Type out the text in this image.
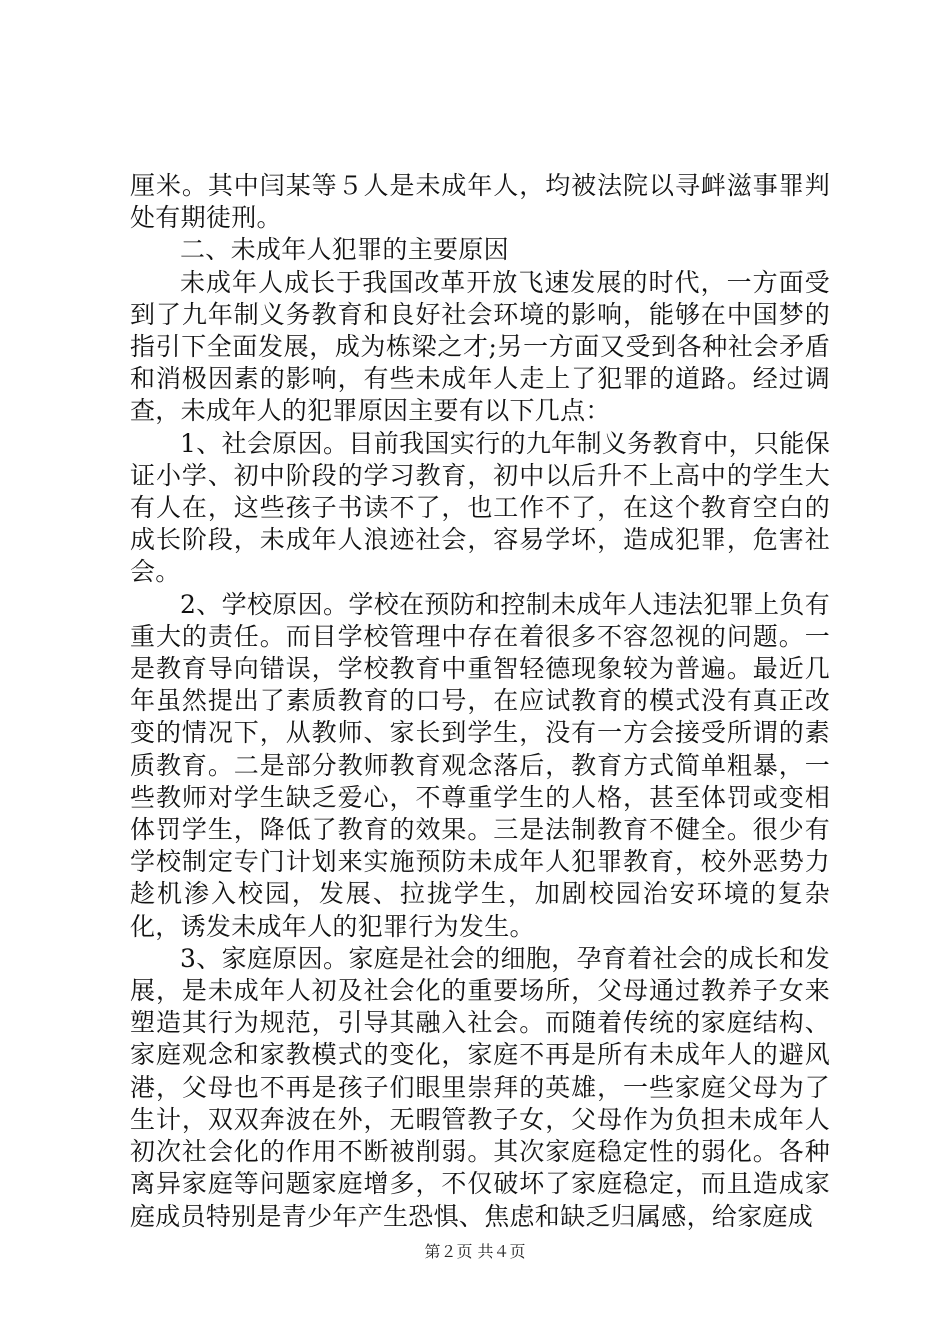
厘米。其中闫某等５人是未成年人，均被法院以寻衅滋事罪判处有期徒刑。

二、未成年人犯罪的主要原因

未成年人成长于我国改革开放飞速发展的时代，一方面受到了九年制义务教育和良好社会环境的影响，能够在中国梦的指引下全面发展，成为栋梁之才;另一方面又受到各种社会矛盾和消极因素的影响，有些未成年人走上了犯罪的道路。经过调查，未成年人的犯罪原因主要有以下几点：

1、社会原因。目前我国实行的九年制义务教育中，只能保证小学、初中阶段的学习教育，初中以后升不上高中的学生大有人在，这些孩子书读不了，也工作不了，在这个教育空白的成长阶段，未成年人浪迹社会，容易学坏，造成犯罪，危害社会。

2、学校原因。学校在预防和控制未成年人违法犯罪上负有重大的责任。而目学校管理中存在着很多不容忽视的问题。一是教育导向错误，学校教育中重智轻德现象较为普遍。最近几年虽然提出了素质教育的口号，在应试教育的模式没有真正改变的情况下，从教师、家长到学生，没有一方会接受所谓的素质教育。二是部分教师教育观念落后，教育方式简单粗暴，一些教师对学生缺乏爱心，不尊重学生的人格，甚至体罚或变相体罚学生，降低了教育的效果。三是法制教育不健全。很少有学校制定专门计划来实施预防未成年人犯罪教育，校外恶势力趁机渗入校园，发展、拉拢学生，加剧校园治安环境的复杂化，诱发未成年人的犯罪行为发生。

3、家庭原因。家庭是社会的细胞，孕育着社会的成长和发展，是未成年人初及社会化的重要场所，父母通过教养子女来塑造其行为规范，引导其融入社会。而随着传统的家庭结构、家庭观念和家教模式的变化，家庭不再是所有未成年人的避风港，父母也不再是孩子们眼里崇拜的英雄，一些家庭父母为了生计，双双奔波在外，无暇管教子女，父母作为负担未成年人初次社会化的作用不断被削弱。其次家庭稳定性的弱化。各种离异家庭等问题家庭增多，不仅破坏了家庭稳定，而且造成家庭成员特别是青少年产生恐惧、焦虑和缺乏归属感，给家庭成

第２页 共４页
